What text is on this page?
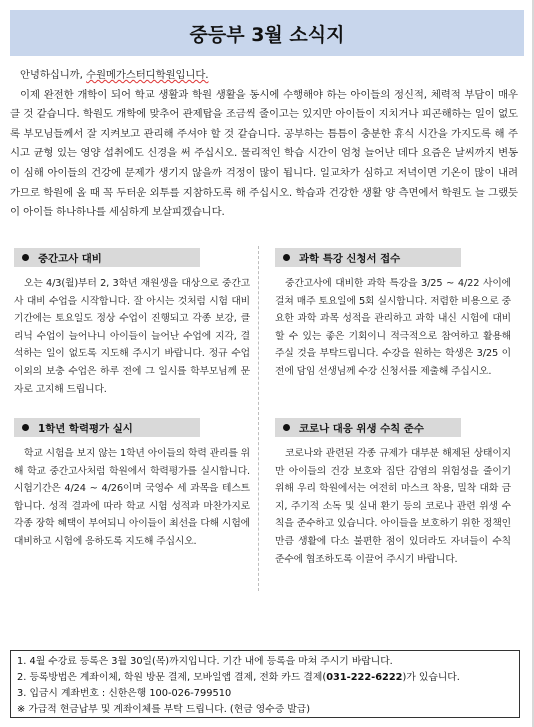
중등부 3월 소식지

안녕하십니까, 수원메가스터디학원입니다.

이제 완전한 개학이 되어 학교 생활과 학원 생활을 동시에 수행해야 하는 아이들의 정신적, 체력적 부담이 매우 클 것 같습니다. 학원도 개학에 맞추어 관제탑을 조금씩 줄이고는 있지만 아이들이 지치거나 피곤해하는 일이 없도록 부모님들께서 잘 지켜보고 관리해 주셔야 할 것 같습니다. 공부하는 틈틈이 충분한 휴식 시간을 가지도록 해 주시고 균형 있는 영양 섭취에도 신경을 써 주십시오. 물리적인 학습 시간이 엄청 늘어난 데다 요즘은 날씨까지 변동이 심해 아이들의 건강에 문제가 생기지 않을까 걱정이 많이 됩니다. 일교차가 심하고 저녁이면 기온이 많이 내려가므로 학원에 올 때 꼭 두터운 외투를 지참하도록 해 주십시오. 학습과 건강한 생활 양 측면에서 학원도 늘 그랬듯이 아이들 하나하나를 세심하게 보살피겠습니다.

중간고사 대비
오는 4/3(월)부터 2, 3학년 재원생을 대상으로 중간고사 대비 수업을 시작합니다. 잘 아시는 것처럼 시험 대비 기간에는 토요일도 정상 수업이 진행되고 각종 보강, 클리닉 수업이 늘어나니 아이들이 늘어난 수업에 지각, 결석하는 일이 없도록 지도해 주시기 바랍니다. 정규 수업 이외의 보충 수업은 하루 전에 그 일시를 학부모님께 문자로 고지해 드립니다.
과학 특강 신청서 접수
중간고사에 대비한 과학 특강을 3/25 ~ 4/22 사이에 걸쳐 매주 토요일에 5회 실시합니다. 저렴한 비용으로 중요한 과학 과목 성적을 관리하고 과학 내신 시험에 대비할 수 있는 좋은 기회이니 적극적으로 참여하고 활용해 주실 것을 부탁드립니다. 수강을 원하는 학생은 3/25 이전에 담임 선생님께 수강 신청서를 제출해 주십시오.
1학년 학력평가 실시
학교 시험을 보지 않는 1학년 아이들의 학력 관리를 위해 학교 중간고사처럼 학원에서 학력평가를 실시합니다. 시험기간은 4/24 ~ 4/26이며 국영수 세 과목을 테스트합니다. 성적 결과에 따라 학교 시험 성적과 마찬가지로 각종 장학 혜택이 부여되니 아이들이 최선을 다해 시험에 대비하고 시험에 응하도록 지도해 주십시오.
코로나 대응 위생 수칙 준수
코로나와 관련된 각종 규제가 대부분 해제된 상태이지만 아이들의 건강 보호와 집단 감염의 위험성을 줄이기 위해 우리 학원에서는 여전히 마스크 착용, 밀착 대화 금지, 주기적 소독 및 실내 환기 등의 코로나 관련 위생 수칙을 준수하고 있습니다. 아이들을 보호하기 위한 정책인 만큼 생활에 다소 불편한 점이 있더라도 자녀들이 수칙 준수에 협조하도록 이끌어 주시기 바랍니다.
1. 4월 수강료 등록은 3월 30일(목)까지입니다. 기간 내에 등록을 마쳐 주시기 바랍니다.
2. 등록방법은 계좌이체, 학원 방문 결제, 모바일앱 결제, 전화 카드 결제(031-222-6222)가 있습니다.
3. 입금시 계좌번호 : 신한은행 100-026-799510
※ 가급적 현금납부 및 계좌이체를 부탁 드립니다. (현금 영수증 발급)
